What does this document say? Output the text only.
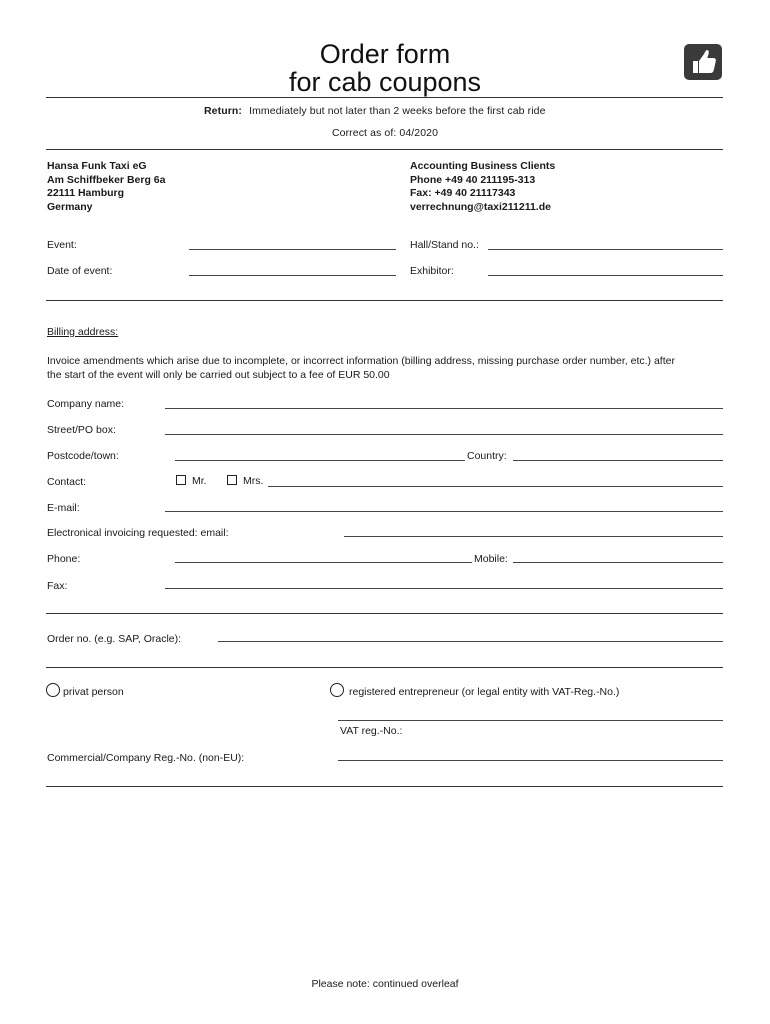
Order form
for cab coupons
Return: Immediately but not later than 2 weeks before the first cab ride
Correct as of: 04/2020
Hansa Funk Taxi eG
Am Schiffbeker Berg 6a
22111 Hamburg
Germany
Accounting Business Clients
Phone +49 40 211195-313
Fax: +49 40 21117343
verrechnung@taxi211211.de
Event:	Hall/Stand no.:
Date of event:	Exhibitor:
Billing address:
Invoice amendments which arise due to incomplete, or incorrect information (billing address, missing purchase order number, etc.) after
the start of the event will only be carried out subject to a fee of EUR 50.00
Company name:
Street/PO box:
Postcode/town:	Country:
Contact:	Mr.	Mrs.
E-mail:
Electronical invoicing requested: email:
Phone:	Mobile:
Fax:
Order no. (e.g. SAP, Oracle):
privat person	registered entrepreneur (or legal entity with VAT-Reg.-No.)
VAT reg.-No.:
Commercial/Company Reg.-No. (non-EU):
Please note: continued overleaf
